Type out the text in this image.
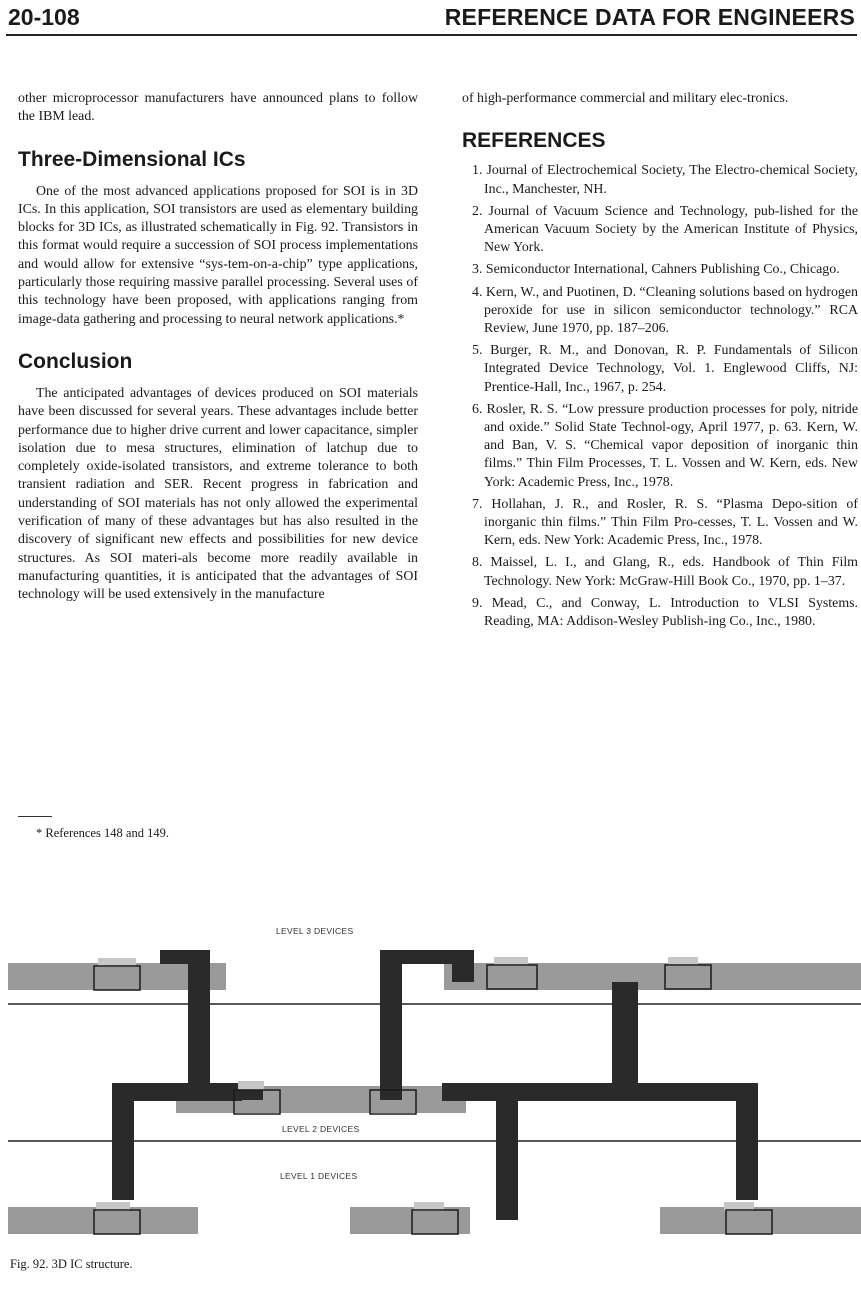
20-108	REFERENCE DATA FOR ENGINEERS

other microprocessor manufacturers have announced plans to follow the IBM lead.

Three-Dimensional ICs

One of the most advanced applications proposed for SOI is in 3D ICs. In this application, SOI transistors are used as elementary building blocks for 3D ICs, as illustrated schematically in Fig. 92. Transistors in this format would require a succession of SOI process implementations and would allow for extensive “sys-tem-on-a-chip” type applications, particularly those requiring massive parallel processing. Several uses of this technology have been proposed, with applications ranging from image-data gathering and processing to neural network applications.*

Conclusion

The anticipated advantages of devices produced on SOI materials have been discussed for several years. These advantages include better performance due to higher drive current and lower capacitance, simpler isolation due to mesa structures, elimination of latchup due to completely oxide-isolated transistors, and extreme tolerance to both transient radiation and SER. Recent progress in fabrication and understanding of SOI materials has not only allowed the experimental verification of many of these advantages but has also resulted in the discovery of significant new effects and possibilities for new device structures. As SOI materi-als become more readily available in manufacturing quantities, it is anticipated that the advantages of SOI technology will be used extensively in the manufacture

* References 148 and 149.

of high-performance commercial and military elec-tronics.

REFERENCES
1. Journal of Electrochemical Society, The Electro-chemical Society, Inc., Manchester, NH.
2. Journal of Vacuum Science and Technology, pub-lished for the American Vacuum Society by the American Institute of Physics, New York.
3. Semiconductor International, Cahners Publishing Co., Chicago.
4. Kern, W., and Puotinen, D. “Cleaning solutions based on hydrogen peroxide for use in silicon semiconductor technology.” RCA Review, June 1970, pp. 187–206.
5. Burger, R. M., and Donovan, R. P. Fundamentals of Silicon Integrated Device Technology, Vol. 1. Englewood Cliffs, NJ: Prentice-Hall, Inc., 1967, p. 254.
6. Rosler, R. S. “Low pressure production processes for poly, nitride and oxide.” Solid State Technol-ogy, April 1977, p. 63. Kern, W. and Ban, V. S. “Chemical vapor deposition of inorganic thin films.” Thin Film Processes, T. L. Vossen and W. Kern, eds. New York: Academic Press, Inc., 1978.
7. Hollahan, J. R., and Rosler, R. S. “Plasma Depo-sition of inorganic thin films.” Thin Film Pro-cesses, T. L. Vossen and W. Kern, eds. New York: Academic Press, Inc., 1978.
8. Maissel, L. I., and Glang, R., eds. Handbook of Thin Film Technology. New York: McGraw-Hill Book Co., 1970, pp. 1–37.
9. Mead, C., and Conway, L. Introduction to VLSI Systems. Reading, MA: Addison-Wesley Publish-ing Co., Inc., 1980.
LEVEL 3 DEVICES
LEVEL 2 DEVICES
LEVEL 1 DEVICES
Fig. 92. 3D IC structure.
